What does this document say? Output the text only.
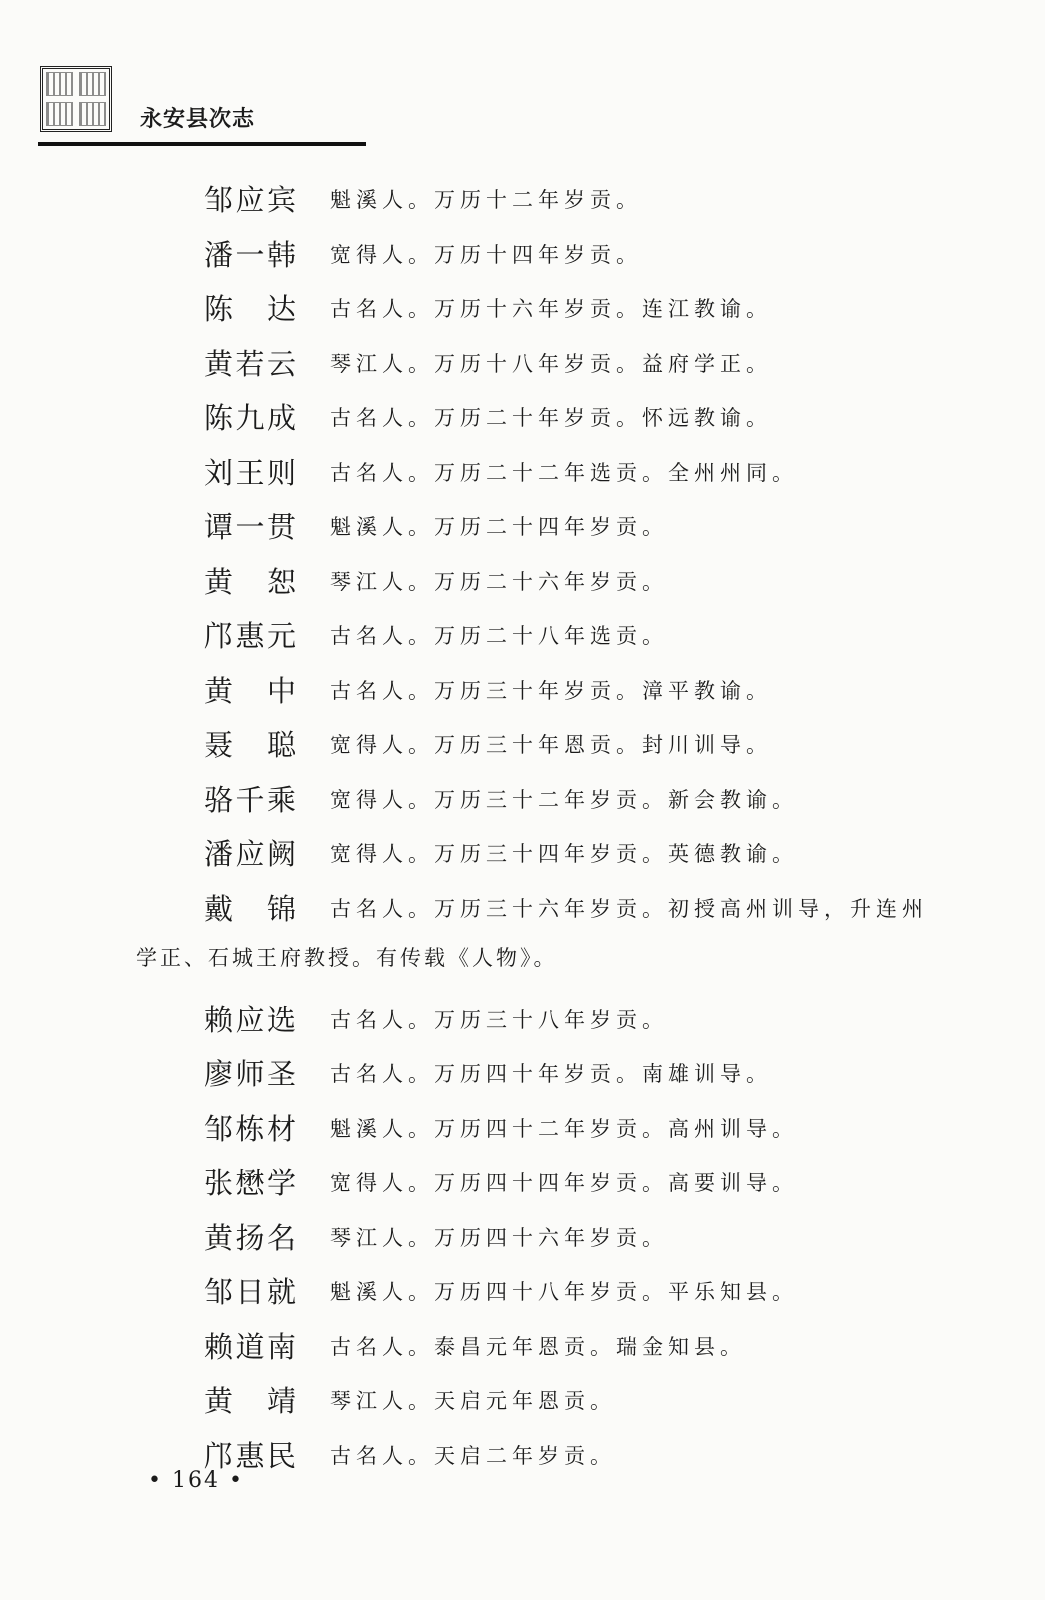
永安县次志
邹应宾 魁溪人。万历十二年岁贡。
潘一韩 宽得人。万历十四年岁贡。
陈达 古名人。万历十六年岁贡。连江教谕。
黄若云 琴江人。万历十八年岁贡。益府学正。
陈九成 古名人。万历二十年岁贡。怀远教谕。
刘王则 古名人。万历二十二年选贡。全州州同。
谭一贯 魁溪人。万历二十四年岁贡。
黄恕 琴江人。万历二十六年岁贡。
邝惠元 古名人。万历二十八年选贡。
黄中 古名人。万历三十年岁贡。漳平教谕。
聂聪 宽得人。万历三十年恩贡。封川训导。
骆千乘 宽得人。万历三十二年岁贡。新会教谕。
潘应阙 宽得人。万历三十四年岁贡。英德教谕。
戴锦 古名人。万历三十六年岁贡。初授高州训导，升连州
学正、石城王府教授。有传载《人物》。
赖应选 古名人。万历三十八年岁贡。
廖师圣 古名人。万历四十年岁贡。南雄训导。
邹栋材 魁溪人。万历四十二年岁贡。高州训导。
张懋学 宽得人。万历四十四年岁贡。高要训导。
黄扬名 琴江人。万历四十六年岁贡。
邹日就 魁溪人。万历四十八年岁贡。平乐知县。
赖道南 古名人。泰昌元年恩贡。瑞金知县。
黄靖 琴江人。天启元年恩贡。
邝惠民 古名人。天启二年岁贡。
• 164 •
